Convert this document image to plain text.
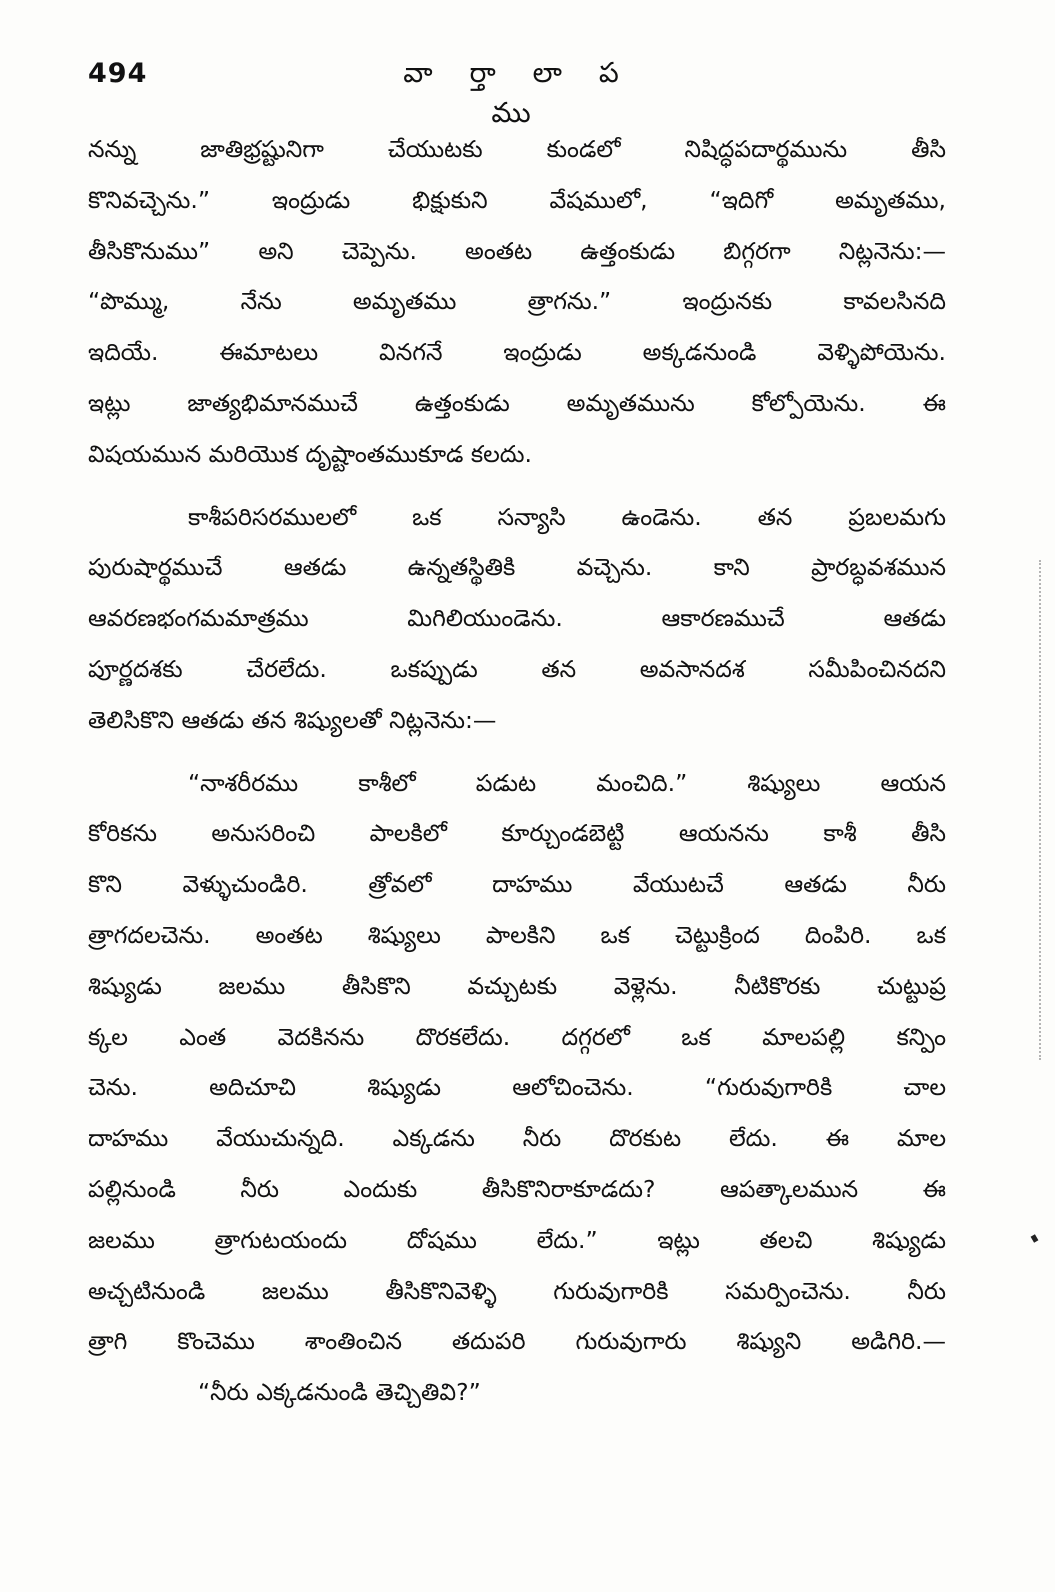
494	వా ర్తా లా ప ము
నన్ను జాతిభ్రష్టునిగా చేయుటకు కుండలో నిషిద్ధపదార్థమును తీసి
కొనివచ్చెను.” ఇంద్రుడు భిక్షుకుని వేషములో, “ఇదిగో అమృతము,
తీసికొనుము” అని చెప్పెను. అంతట ఉత్తంకుడు బిగ్గరగా నిట్లనెను:—
“పొమ్ము, నేను అమృతము త్రాగను.” ఇంద్రునకు కావలసినది
ఇదియే. ఈమాటలు వినగనే ఇంద్రుడు అక్కడనుండి వెళ్ళిపోయెను.
ఇట్లు జాత్యభిమానముచే ఉత్తంకుడు అమృతమును కోల్పోయెను. ఈ
విషయమున మరియొక దృష్టాంతముకూడ కలదు.
కాశీపరిసరములలో ఒక సన్యాసి ఉండెను. తన ప్రబలమగు
పురుషార్థముచే ఆతడు ఉన్నతస్థితికి వచ్చెను. కాని ప్రారబ్ధవశమున
ఆవరణభంగమమాత్రము మిగిలియుండెను. ఆకారణముచే ఆతడు
పూర్ణదశకు చేరలేదు. ఒకప్పుడు తన అవసానదశ సమీపించినదని
తెలిసికొని ఆతడు తన శిష్యులతో నిట్లనెను:—
“నాశరీరము కాశీలో పడుట మంచిది.” శిష్యులు ఆయన
కోరికను అనుసరించి పాలకిలో కూర్చుండబెట్టి ఆయనను కాశీ తీసి
కొని వెళ్ళుచుండిరి. త్రోవలో దాహము వేయుటచే ఆతడు నీరు
త్రాగదలచెను. అంతట శిష్యులు పాలకిని ఒక చెట్టుక్రింద దింపిరి. ఒక
శిష్యుడు జలము తీసికొని వచ్చుటకు వెళ్లెను. నీటికొరకు చుట్టుప్ర
క్కల ఎంత వెదకినను దొరకలేదు. దగ్గరలో ఒక మాలపల్లి కన్పిం
చెను. అదిచూచి శిష్యుడు ఆలోచించెను. “గురువుగారికి చాల
దాహము వేయుచున్నది. ఎక్కడను నీరు దొరకుట లేదు. ఈ మాల
పల్లినుండి నీరు ఎందుకు తీసికొనిరాకూడదు? ఆపత్కాలమున ఈ
జలము త్రాగుటయందు దోషము లేదు.” ఇట్లు తలచి శిష్యుడు
అచ్చటినుండి జలము తీసికొనివెళ్ళి గురువుగారికి సమర్పించెను. నీరు
త్రాగి కొంచెము శాంతించిన తదుపరి గురువుగారు శిష్యుని అడిగిరి.—
“నీరు ఎక్కడనుండి తెచ్చితివి?”
